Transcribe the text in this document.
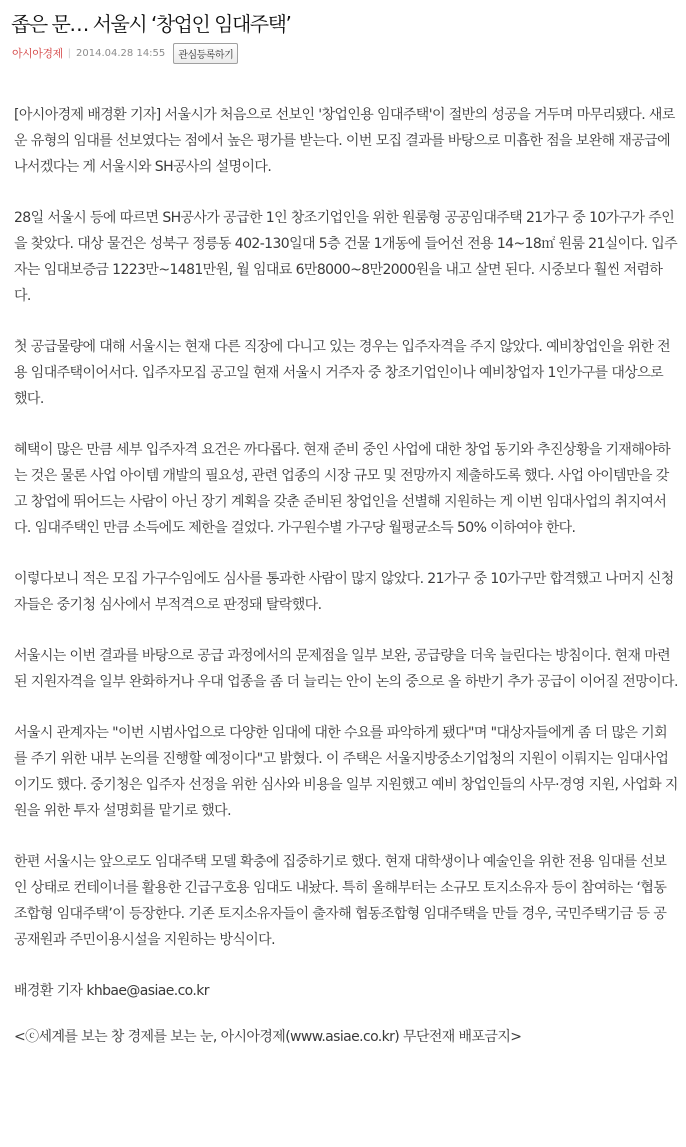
좁은 문… 서울시 ‘창업인 임대주택’
아시아경제 | 2014.04.28 14:55	관심등록하기

[아시아경제 배경환 기자] 서울시가 처음으로 선보인 '창업인용 임대주택'이 절반의 성공을 거두며 마무리됐다. 새로운 유형의 임대를 선보였다는 점에서 높은 평가를 받는다. 이번 모집 결과를 바탕으로 미흡한 점을 보완해 재공급에 나서겠다는 게 서울시와 SH공사의 설명이다.

28일 서울시 등에 따르면 SH공사가 공급한 1인 창조기업인을 위한 원룸형 공공임대주택 21가구 중 10가구가 주인을 찾았다. 대상 물건은 성북구 정릉동 402-130일대 5층 건물 1개동에 들어선 전용 14~18㎡ 원룸 21실이다. 입주자는 임대보증금 1223만~1481만원, 월 임대료 6만8000~8만2000원을 내고 살면 된다. 시중보다 훨씬 저렴하다.

첫 공급물량에 대해 서울시는 현재 다른 직장에 다니고 있는 경우는 입주자격을 주지 않았다. 예비창업인을 위한 전용 임대주택이어서다. 입주자모집 공고일 현재 서울시 거주자 중 창조기업인이나 예비창업자 1인가구를 대상으로 했다.

혜택이 많은 만큼 세부 입주자격 요건은 까다롭다. 현재 준비 중인 사업에 대한 창업 동기와 추진상황을 기재해야하는 것은 물론 사업 아이템 개발의 필요성, 관련 업종의 시장 규모 및 전망까지 제출하도록 했다. 사업 아이템만을 갖고 창업에 뛰어드는 사람이 아닌 장기 계획을 갖춘 준비된 창업인을 선별해 지원하는 게 이번 임대사업의 취지여서다. 임대주택인 만큼 소득에도 제한을 걸었다. 가구원수별 가구당 월평균소득 50% 이하여야 한다.

이렇다보니 적은 모집 가구수임에도 심사를 통과한 사람이 많지 않았다. 21가구 중 10가구만 합격했고 나머지 신청자들은 중기청 심사에서 부적격으로 판정돼 탈락했다.

서울시는 이번 결과를 바탕으로 공급 과정에서의 문제점을 일부 보완, 공급량을 더욱 늘린다는 방침이다. 현재 마련된 지원자격을 일부 완화하거나 우대 업종을 좀 더 늘리는 안이 논의 중으로 올 하반기 추가 공급이 이어질 전망이다.

서울시 관계자는 "이번 시범사업으로 다양한 임대에 대한 수요를 파악하게 됐다"며 "대상자들에게 좀 더 많은 기회를 주기 위한 내부 논의를 진행할 예정이다"고 밝혔다. 이 주택은 서울지방중소기업청의 지원이 이뤄지는 임대사업이기도 했다. 중기청은 입주자 선정을 위한 심사와 비용을 일부 지원했고 예비 창업인들의 사무·경영 지원, 사업화 지원을 위한 투자 설명회를 맡기로 했다.

한편 서울시는 앞으로도 임대주택 모델 확충에 집중하기로 했다. 현재 대학생이나 예술인을 위한 전용 임대를 선보인 상태로 컨테이너를 활용한 긴급구호용 임대도 내놨다. 특히 올해부터는 소규모 토지소유자 등이 참여하는 ‘협동조합형 임대주택’이 등장한다. 기존 토지소유자들이 출자해 협동조합형 임대주택을 만들 경우, 국민주택기금 등 공공재원과 주민이용시설을 지원하는 방식이다.

배경환 기자 khbae@asiae.co.kr

<ⓒ세계를 보는 창 경제를 보는 눈, 아시아경제(www.asiae.co.kr) 무단전재 배포금지>
